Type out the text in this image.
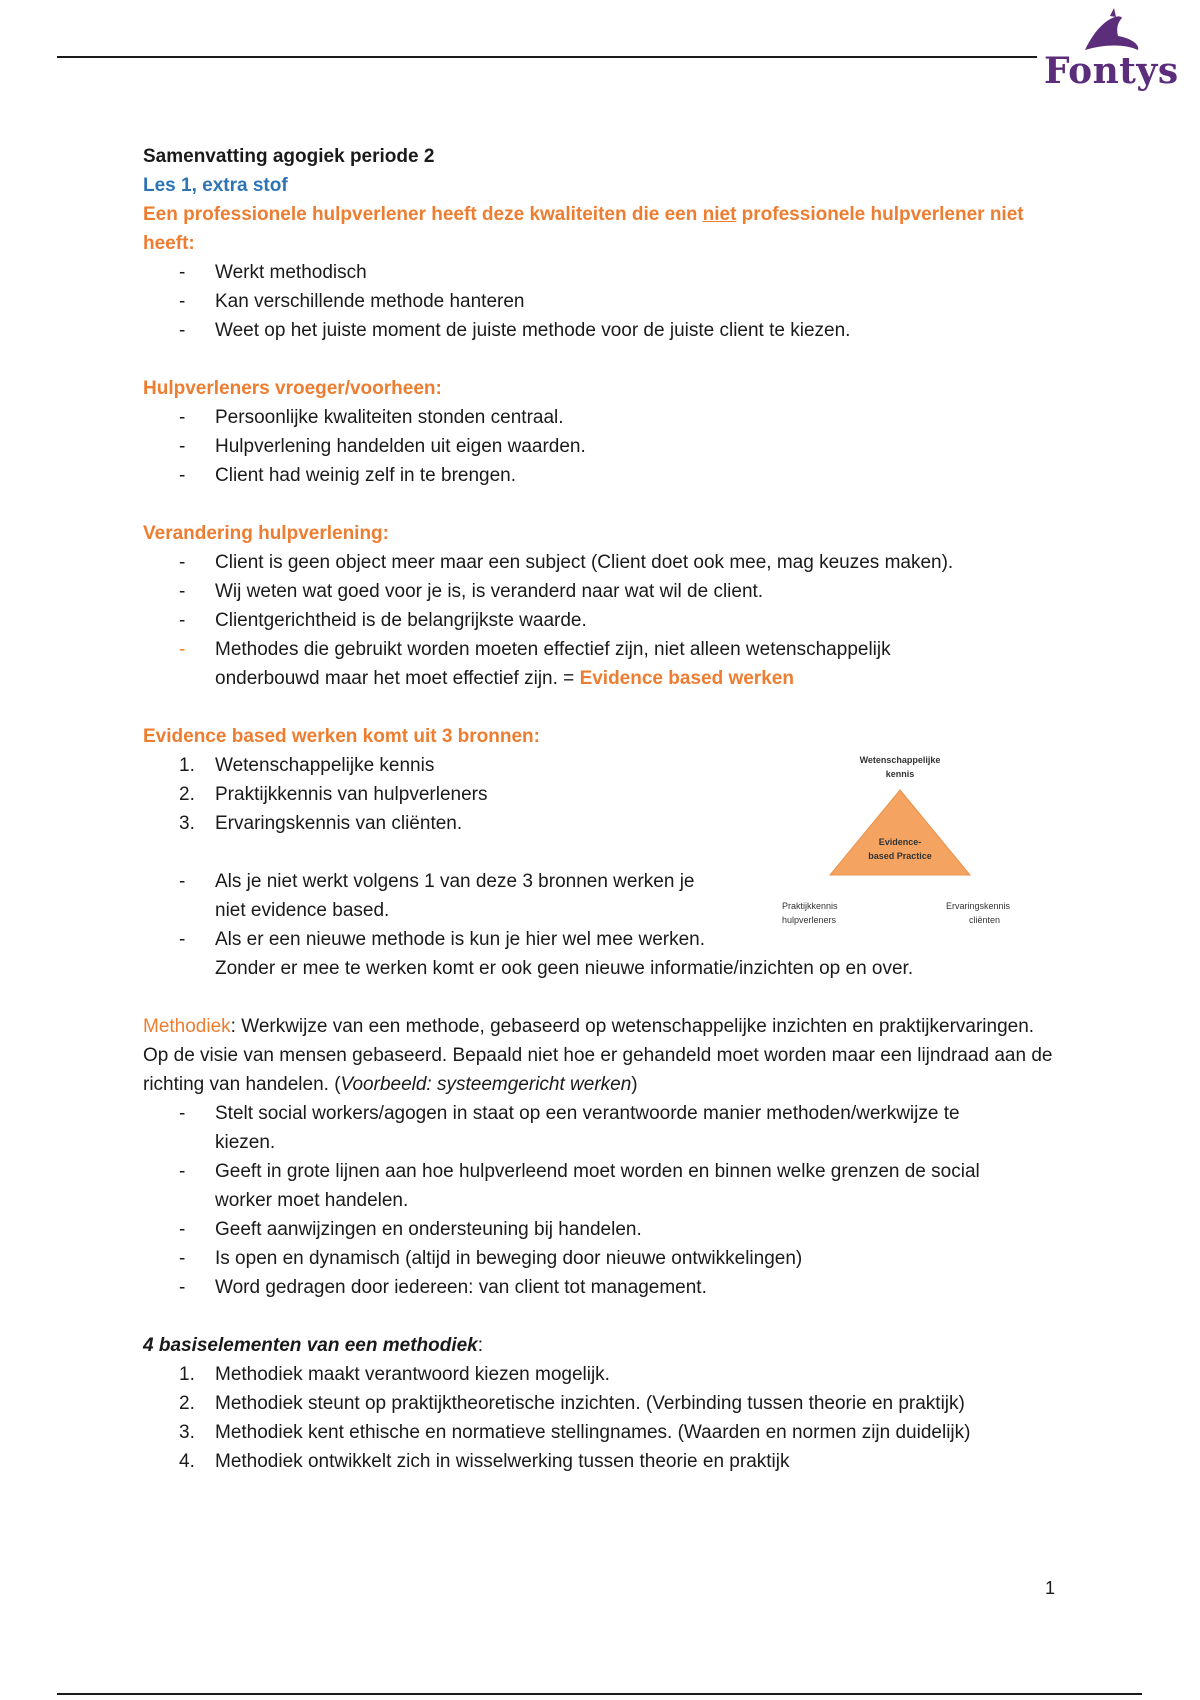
Fontys

Samenvatting agogiek periode 2

Les 1, extra stof

Een professionele hulpverlener heeft deze kwaliteiten die een niet professionele hulpverlener niet heeft:

- Werkt methodisch
- Kan verschillende methode hanteren
- Weet op het juiste moment de juiste methode voor de juiste client te kiezen.

Hulpverleners vroeger/voorheen:

- Persoonlijke kwaliteiten stonden centraal.
- Hulpverlening handelden uit eigen waarden.
- Client had weinig zelf in te brengen.

Verandering hulpverlening:

- Client is geen object meer maar een subject (Client doet ook mee, mag keuzes maken).
- Wij weten wat goed voor je is, is veranderd naar wat wil de client.
- Clientgerichtheid is de belangrijkste waarde.
- Methodes die gebruikt worden moeten effectief zijn, niet alleen wetenschappelijk
onderbouwd maar het moet effectief zijn. = Evidence based werken

Evidence based werken komt uit 3 bronnen:

1. Wetenschappelijke kennis
2. Praktijkkennis van hulpverleners
3. Ervaringskennis van cliënten.
- Als je niet werkt volgens 1 van deze 3 bronnen werken je
niet evidence based.
- Als er een nieuwe methode is kun je hier wel mee werken.
Zonder er mee te werken komt er ook geen nieuwe informatie/inzichten op en over.

Methodiek: Werkwijze van een methode, gebaseerd op wetenschappelijke inzichten en praktijkervaringen. Op de visie van mensen gebaseerd. Bepaald niet hoe er gehandeld moet worden maar een lijndraad aan de richting van handelen. (Voorbeeld: systeemgericht werken)

- Stelt social workers/agogen in staat op een verantwoorde manier methoden/werkwijze te
kiezen.
- Geeft in grote lijnen aan hoe hulpverleend moet worden en binnen welke grenzen de social
worker moet handelen.
- Geeft aanwijzingen en ondersteuning bij handelen.
- Is open en dynamisch (altijd in beweging door nieuwe ontwikkelingen)
- Word gedragen door iedereen: van client tot management.

4 basiselementen van een methodiek:

1. Methodiek maakt verantwoord kiezen mogelijk.
2. Methodiek steunt op praktijktheoretische inzichten. (Verbinding tussen theorie en praktijk)
3. Methodiek kent ethische en normatieve stellingnames. (Waarden en normen zijn duidelijk)
4. Methodiek ontwikkelt zich in wisselwerking tussen theorie en praktijk
Wetenschappelijke
kennis
Evidence-
based Practice
Praktijkkennis
hulpverleners
Ervaringskennis
cliënten
1
